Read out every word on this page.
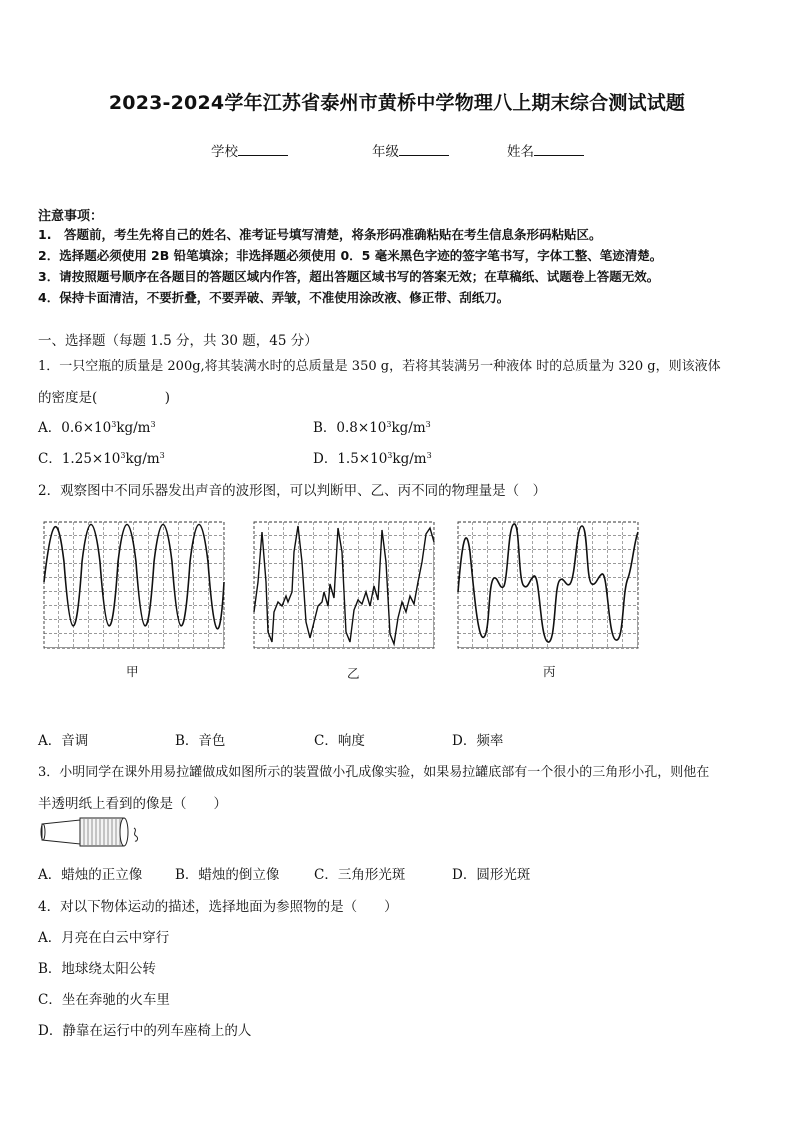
2023-2024学年江苏省泰州市黄桥中学物理八上期末综合测试试题
学校	年级	姓名
注意事项：
1.　答题前，考生先将自己的姓名、准考证号填写清楚，将条形码准确粘贴在考生信息条形码粘贴区。
2．选择题必须使用 2B 铅笔填涂；非选择题必须使用 0．5 毫米黑色字迹的签字笔书写，字体工整、笔迹清楚。
3．请按照题号顺序在各题目的答题区域内作答，超出答题区域书写的答案无效；在草稿纸、试题卷上答题无效。
4．保持卡面清洁，不要折叠，不要弄破、弄皱，不准使用涂改液、修正带、刮纸刀。
一、选择题（每题 1.5 分，共 30 题，45 分）
1．一只空瓶的质量是 200g,将其装满水时的总质量是 350 g，若将其装满另一种液体 时的总质量为 320 g，则该液体
的密度是(　　　　　)
A．$0.6\times 10^3kg/m^3$	B．$0.8\times 10^3kg/m^3$
C．$1.25\times 10^3kg/m^3$	D．$1.5\times 10^3kg/m^3$
2．观察图中不同乐器发出声音的波形图，可以判断甲、乙、丙不同的物理量是（　）
甲	乙	丙
A．音调	B．音色	C．响度	D．频率
3．小明同学在课外用易拉罐做成如图所示的装置做小孔成像实验，如果易拉罐底部有一个很小的三角形小孔，则他在
半透明纸上看到的像是（　　）
A．蜡烛的正立像 B．蜡烛的倒立像	C．三角形光斑	D．圆形光斑
4．对以下物体运动的描述，选择地面为参照物的是（　　）
A．月亮在白云中穿行
B．地球绕太阳公转
C．坐在奔驰的火车里
D．静靠在运行中的列车座椅上的人
